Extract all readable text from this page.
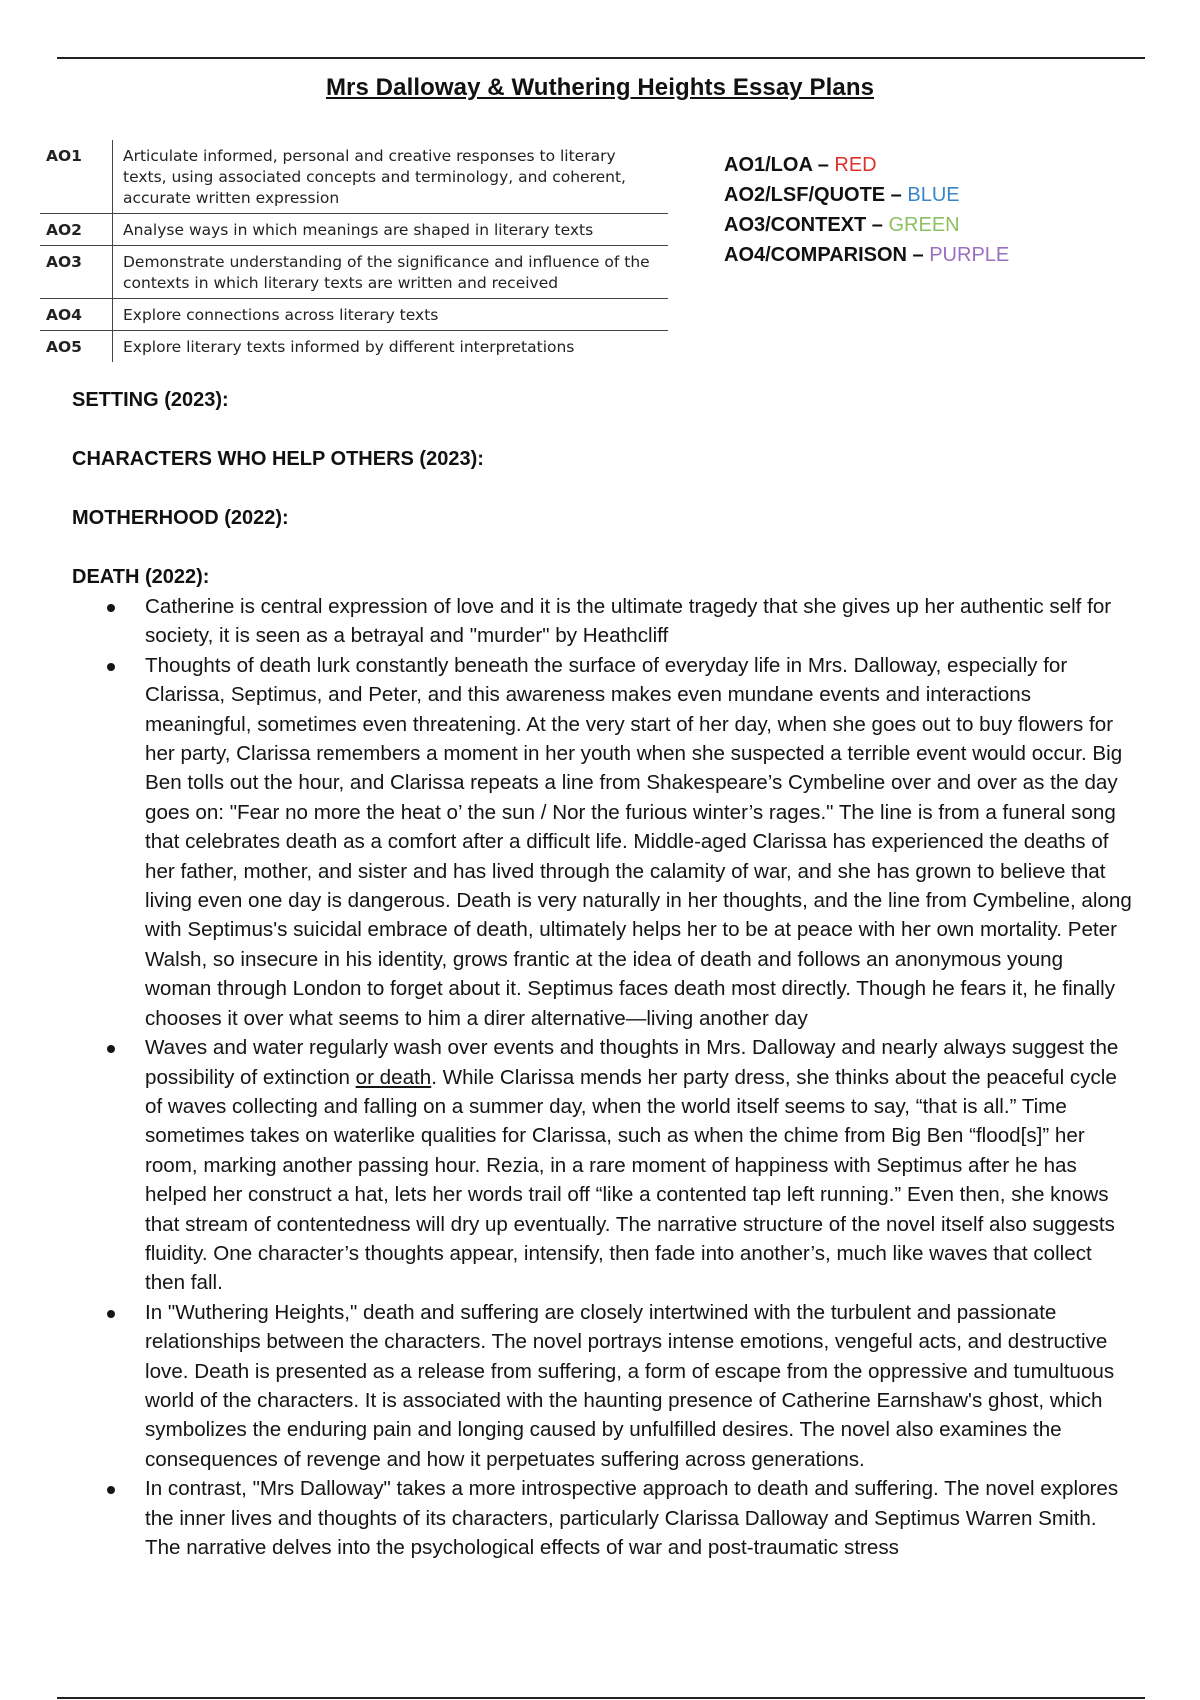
Mrs Dalloway & Wuthering Heights Essay Plans
AO1	Articulate informed, personal and creative responses to literary texts, using associated concepts and terminology, and coherent, accurate written expression
AO2	Analyse ways in which meanings are shaped in literary texts
AO3	Demonstrate understanding of the significance and influence of the contexts in which literary texts are written and received
AO4	Explore connections across literary texts
AO5	Explore literary texts informed by different interpretations
AO1/LOA – RED
AO2/LSF/QUOTE – BLUE
AO3/CONTEXT – GREEN
AO4/COMPARISON – PURPLE

SETTING (2023):

CHARACTERS WHO HELP OTHERS (2023):

MOTHERHOOD (2022):

DEATH (2022):

Catherine is central expression of love and it is the ultimate tragedy that she gives up her authentic self for society, it is seen as a betrayal and "murder" by Heathcliff
Thoughts of death lurk constantly beneath the surface of everyday life in Mrs. Dalloway, especially for Clarissa, Septimus, and Peter, and this awareness makes even mundane events and interactions meaningful, sometimes even threatening. At the very start of her day, when she goes out to buy flowers for her party, Clarissa remembers a moment in her youth when she suspected a terrible event would occur. Big Ben tolls out the hour, and Clarissa repeats a line from Shakespeare’s Cymbeline over and over as the day goes on: "Fear no more the heat o’ the sun / Nor the furious winter’s rages." The line is from a funeral song that celebrates death as a comfort after a difficult life. Middle-aged Clarissa has experienced the deaths of her father, mother, and sister and has lived through the calamity of war, and she has grown to believe that living even one day is dangerous. Death is very naturally in her thoughts, and the line from Cymbeline, along with Septimus's suicidal embrace of death, ultimately helps her to be at peace with her own mortality. Peter Walsh, so insecure in his identity, grows frantic at the idea of death and follows an anonymous young woman through London to forget about it. Septimus faces death most directly. Though he fears it, he finally chooses it over what seems to him a direr alternative—living another day
Waves and water regularly wash over events and thoughts in Mrs. Dalloway and nearly always suggest the possibility of extinction or death. While Clarissa mends her party dress, she thinks about the peaceful cycle of waves collecting and falling on a summer day, when the world itself seems to say, “that is all.” Time sometimes takes on waterlike qualities for Clarissa, such as when the chime from Big Ben “flood[s]” her room, marking another passing hour. Rezia, in a rare moment of happiness with Septimus after he has helped her construct a hat, lets her words trail off “like a contented tap left running.” Even then, she knows that stream of contentedness will dry up eventually. The narrative structure of the novel itself also suggests fluidity. One character’s thoughts appear, intensify, then fade into another’s, much like waves that collect then fall.
In "Wuthering Heights," death and suffering are closely intertwined with the turbulent and passionate relationships between the characters. The novel portrays intense emotions, vengeful acts, and destructive love. Death is presented as a release from suffering, a form of escape from the oppressive and tumultuous world of the characters. It is associated with the haunting presence of Catherine Earnshaw's ghost, which symbolizes the enduring pain and longing caused by unfulfilled desires. The novel also examines the consequences of revenge and how it perpetuates suffering across generations.
In contrast, "Mrs Dalloway" takes a more introspective approach to death and suffering. The novel explores the inner lives and thoughts of its characters, particularly Clarissa Dalloway and Septimus Warren Smith. The narrative delves into the psychological effects of war and post-traumatic stress
